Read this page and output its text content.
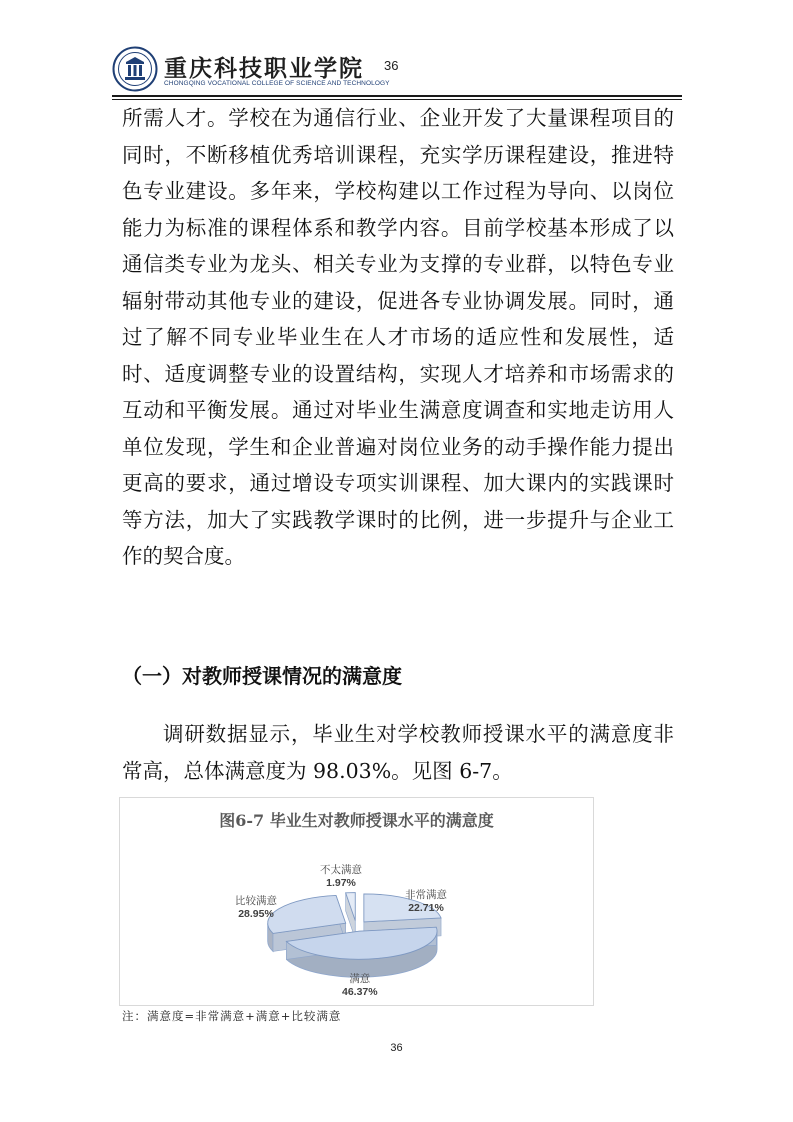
重庆科技职业学院
CHONGQING VOCATIONAL COLLEGE OF SCIENCE AND TECHNOLOGY
36

所需人才。学校在为通信行业、企业开发了大量课程项目的同时，不断移植优秀培训课程，充实学历课程建设，推进特色专业建设。多年来，学校构建以工作过程为导向、以岗位能力为标准的课程体系和教学内容。目前学校基本形成了以通信类专业为龙头、相关专业为支撑的专业群，以特色专业辐射带动其他专业的建设，促进各专业协调发展。同时，通过了解不同专业毕业生在人才市场的适应性和发展性，适时、适度调整专业的设置结构，实现人才培养和市场需求的互动和平衡发展。通过对毕业生满意度调查和实地走访用人单位发现，学生和企业普遍对岗位业务的动手操作能力提出更高的要求，通过增设专项实训课程、加大课内的实践课时等方法，加大了实践教学课时的比例，进一步提升与企业工作的契合度。

（一）对教师授课情况的满意度

调研数据显示，毕业生对学校教师授课水平的满意度非常高，总体满意度为 98.03%。见图 6-7。

图6-7 毕业生对教师授课水平的满意度
非常满意
22.71%
满意
46.37%
比较满意
28.95%
不太满意
1.97%
注：满意度=非常满意+满意+比较满意
36
